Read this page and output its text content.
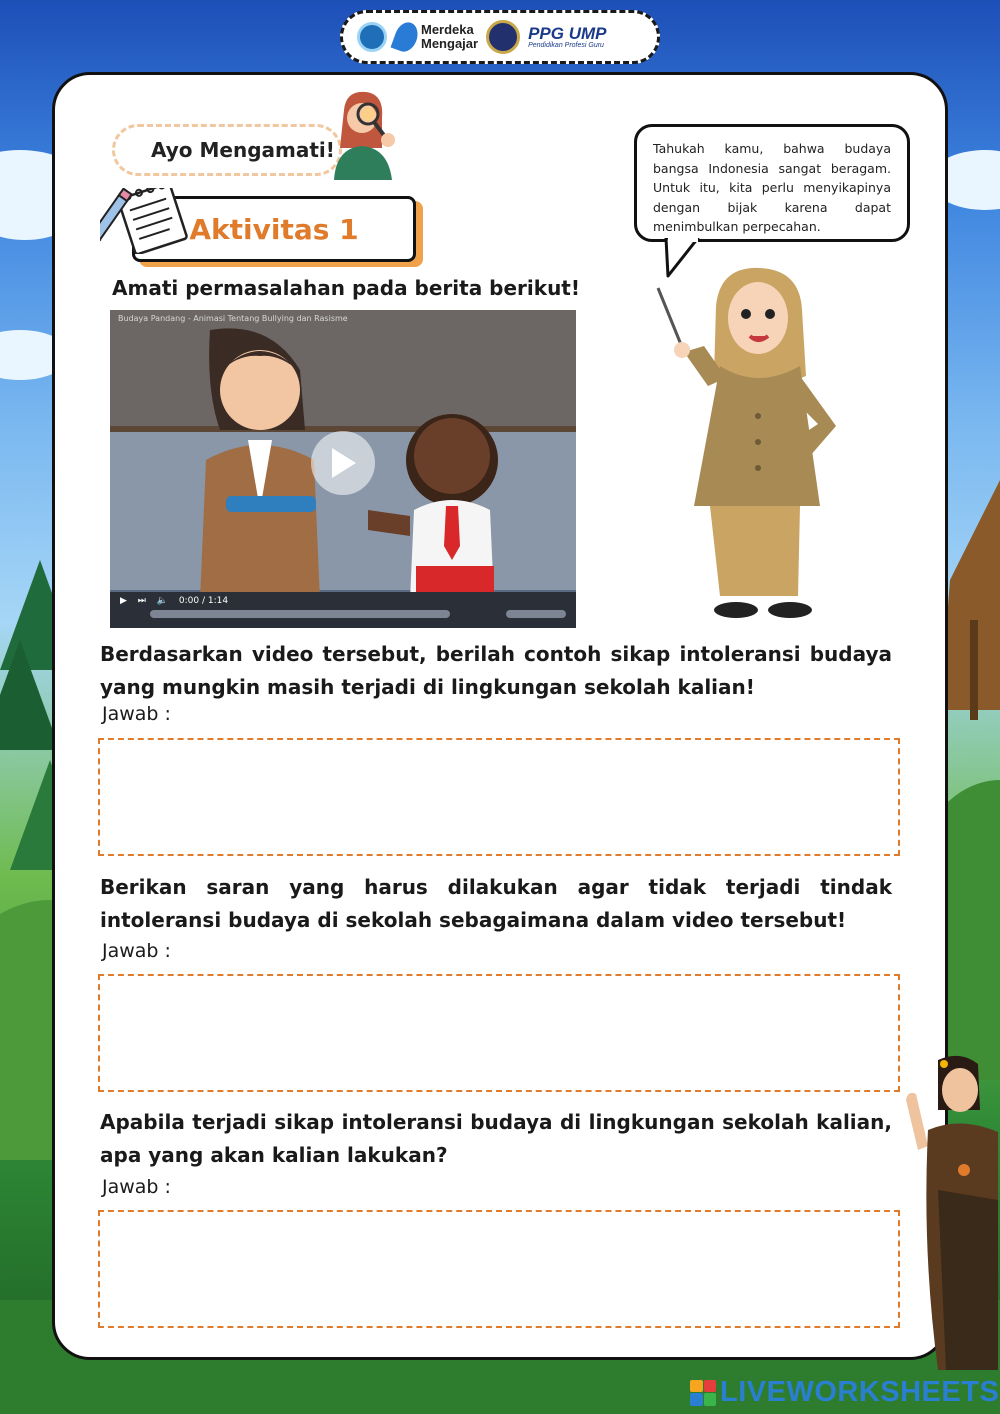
Merdeka
Mengajar
PPG UMP
Pendidikan Profesi Guru
Ayo Mengamati!
Aktivitas 1
Tahukah kamu, bahwa budaya bangsa Indonesia sangat beragam. Untuk itu, kita perlu menyikapinya dengan bijak karena dapat menimbulkan perpecahan.
Amati permasalahan pada berita berikut!
Budaya Pandang - Animasi Tentang Bullying dan Rasisme
▶ ⏭ 🔈 0:00 / 1:14
Berdasarkan video tersebut, berilah contoh sikap intoleransi budaya yang mungkin masih terjadi di lingkungan sekolah kalian!
Jawab :
Berikan saran yang harus dilakukan agar tidak terjadi tindak intoleransi budaya di sekolah sebagaimana dalam video tersebut!
Jawab :
Apabila terjadi sikap intoleransi budaya di lingkungan sekolah kalian, apa yang akan kalian lakukan?
Jawab :
LIVEWORKSHEETS
